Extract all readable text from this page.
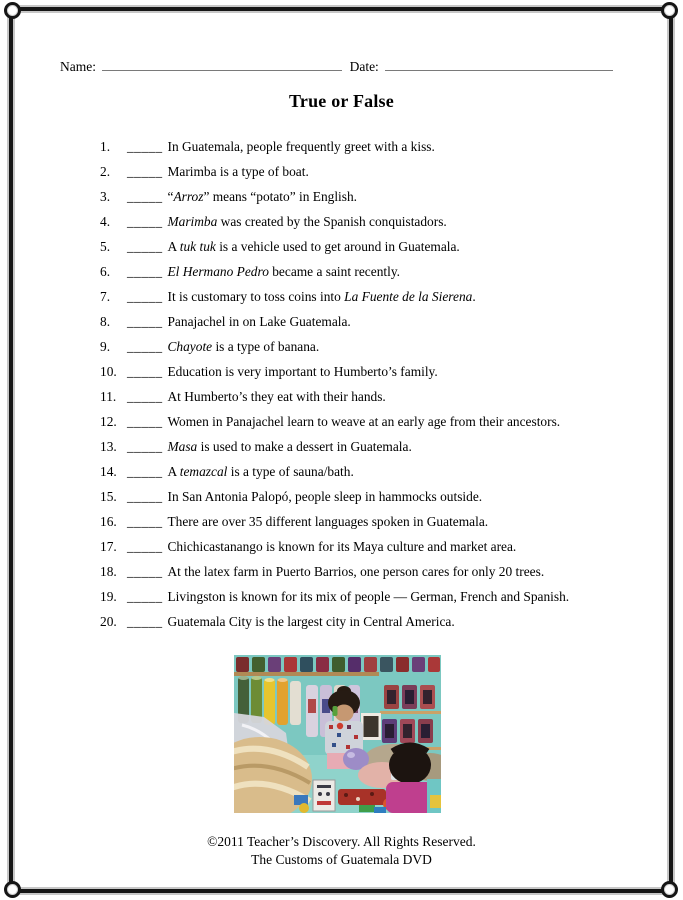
Name:	Date:
True or False
1. _____ In Guatemala, people frequently greet with a kiss.
2. _____ Marimba is a type of boat.
3. _____ “Arroz” means “potato” in English.
4. _____ Marimba was created by the Spanish conquistadors.
5. _____ A tuk tuk is a vehicle used to get around in Guatemala.
6. _____ El Hermano Pedro became a saint recently.
7. _____ It is customary to toss coins into La Fuente de la Sierena.
8. _____ Panajachel in on Lake Guatemala.
9. _____ Chayote is a type of banana.
10. _____ Education is very important to Humberto’s family.
11. _____ At Humberto’s they eat with their hands.
12. _____ Women in Panajachel learn to weave at an early age from their ancestors.
13. _____ Masa is used to make a dessert in Guatemala.
14. _____ A temazcal is a type of sauna/bath.
15. _____ In San Antonia Palopó, people sleep in hammocks outside.
16. _____ There are over 35 different languages spoken in Guatemala.
17. _____ Chichicastanango is known for its Maya culture and market area.
18. _____ At the latex farm in Puerto Barrios, one person cares for only 20 trees.
19. _____ Livingston is known for its mix of people — German, French and Spanish.
20. _____ Guatemala City is the largest city in Central America.
©2011 Teacher’s Discovery. All Rights Reserved.
The Customs of Guatemala DVD
